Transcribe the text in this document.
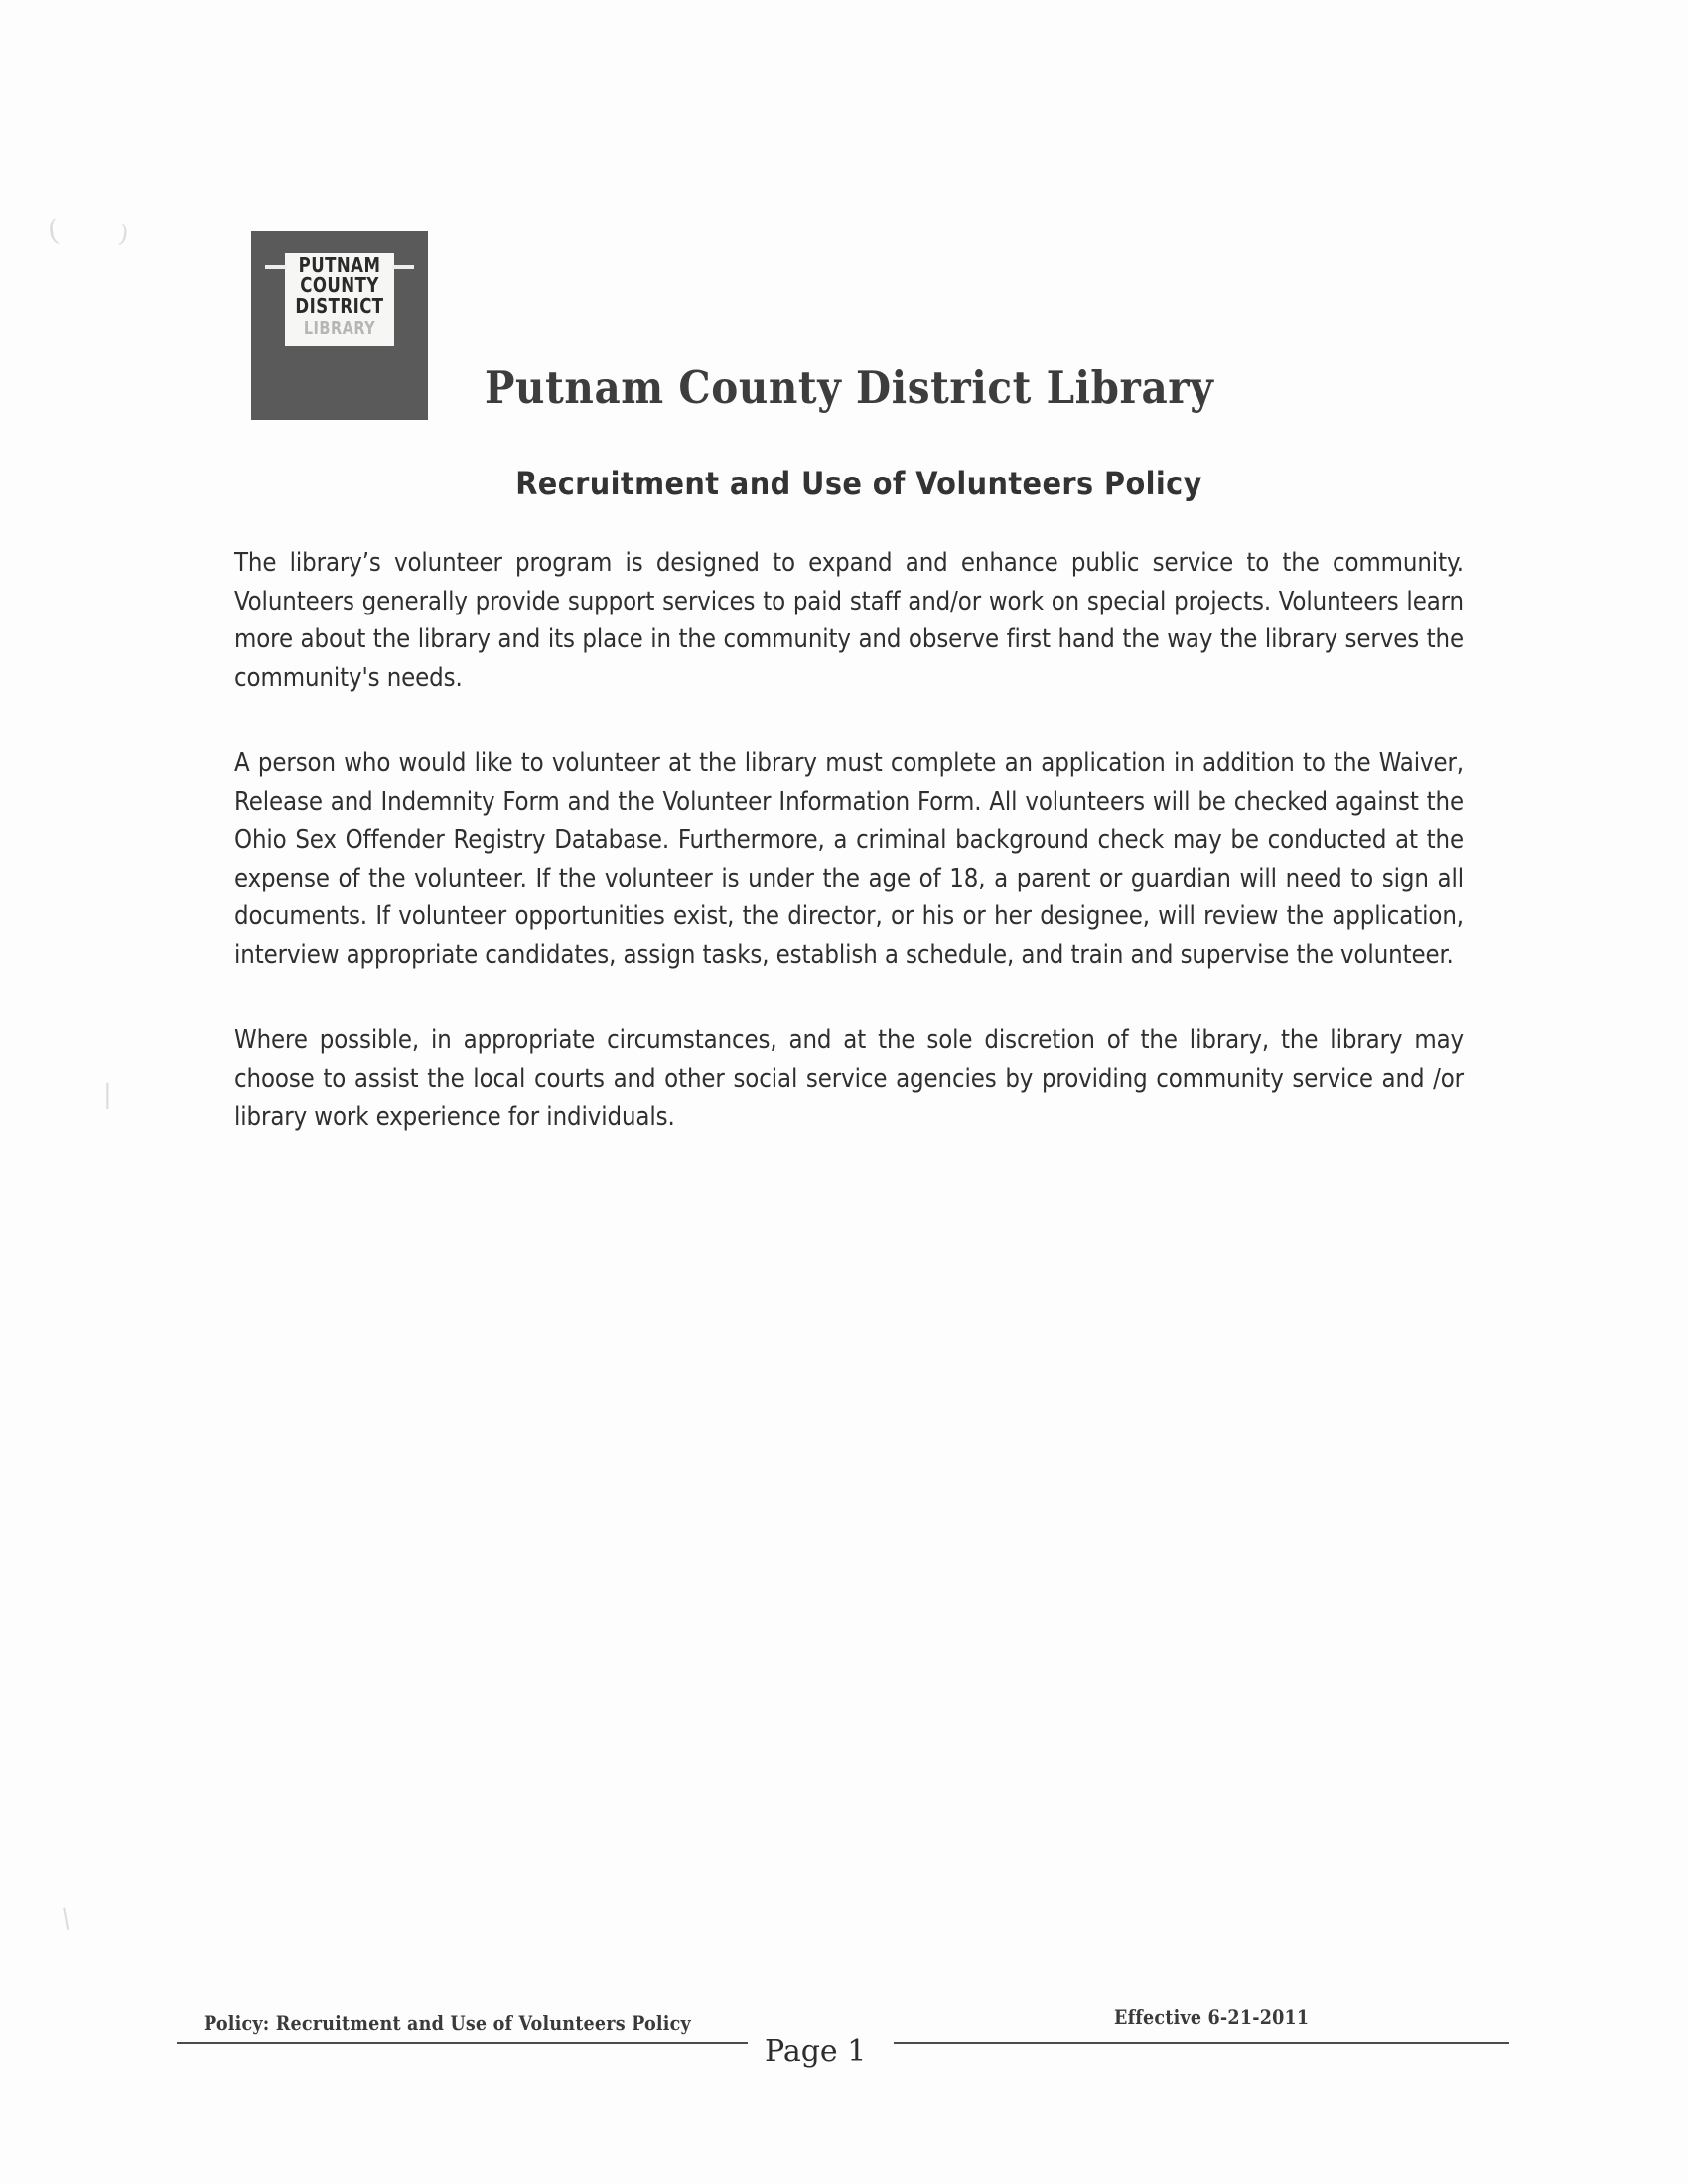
( )
|
/
PUTNAM
COUNTY
DISTRICT
LIBRARY
Putnam County District Library
Recruitment and Use of Volunteers Policy

The library’s volunteer program is designed to expand and enhance public service to the community. Volunteers generally provide support services to paid staff and/or work on special projects. Volunteers learn more about the library and its place in the community and observe first hand the way the library serves the community's needs.

A person who would like to volunteer at the library must complete an application in addition to the Waiver, Release and Indemnity Form and the Volunteer Information Form. All volunteers will be checked against the Ohio Sex Offender Registry Database. Furthermore, a criminal background check may be conducted at the expense of the volunteer. If the volunteer is under the age of 18, a parent or guardian will need to sign all documents. If volunteer opportunities exist, the director, or his or her designee, will review the application, interview appropriate candidates, assign tasks, establish a schedule, and train and supervise the volunteer.

Where possible, in appropriate circumstances, and at the sole discretion of the library, the library may choose to assist the local courts and other social service agencies by providing community service and /or library work experience for individuals.

Policy: Recruitment and Use of Volunteers Policy
Page 1
Effective 6-21-2011
